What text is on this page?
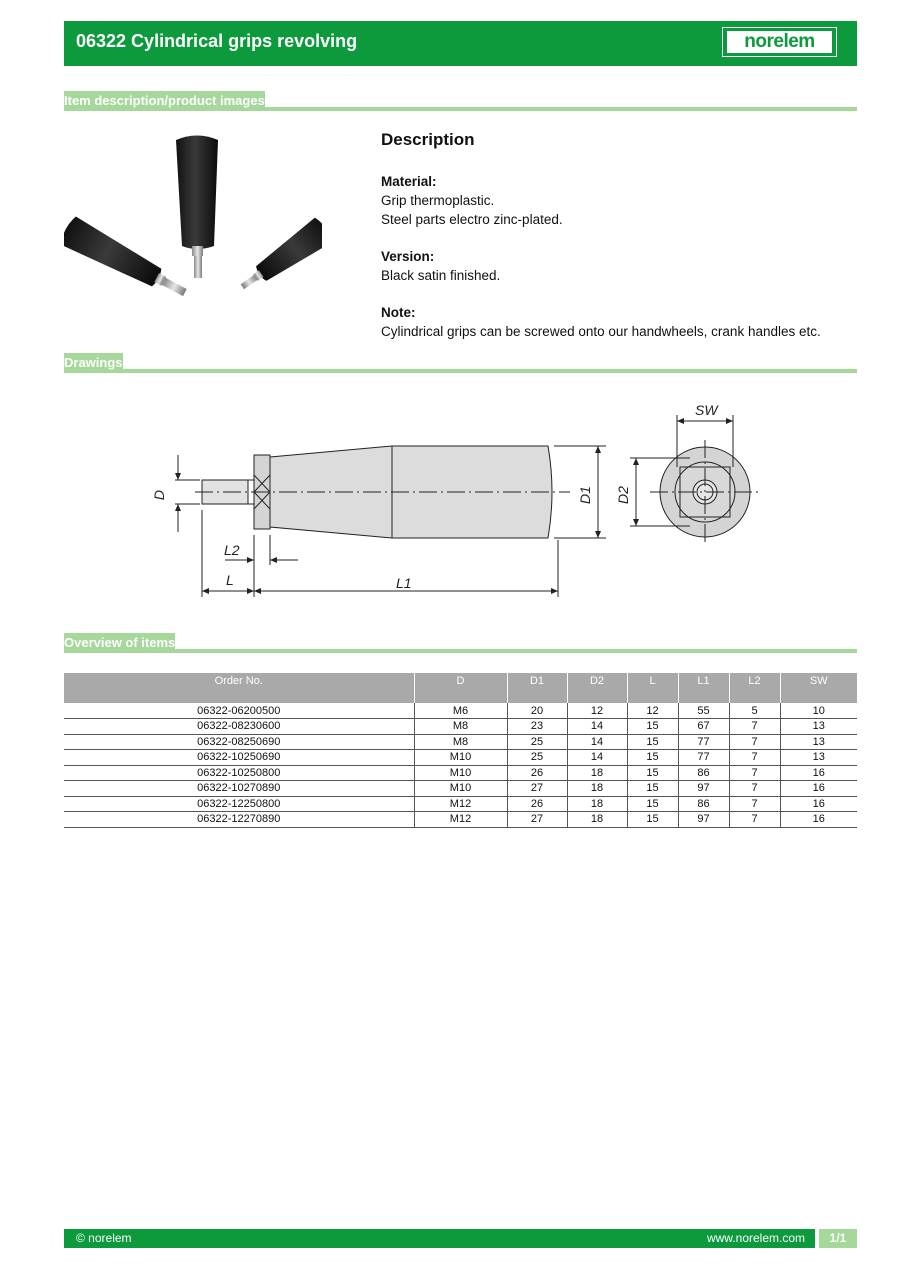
06322 Cylindrical grips revolving	norelem
Item description/product images
Description
Material:
Grip thermoplastic.
Steel parts electro zinc-plated.
Version:
Black satin finished.
Note:
Cylindrical grips can be screwed onto our handwheels, crank handles etc.
Drawings
D	D1 D2
L	L1
L2
SW
Overview of items
Order No.	D	D1	D2	L	L1	L2	SW
06322-06200500	M6	20	12	12	55	5	10
06322-08230600	M8	23	14	15	67	7	13
06322-08250690	M8	25	14	15	77	7	13
06322-10250690	M10	25	14	15	77	7	13
06322-10250800	M10	26	18	15	86	7	16
06322-10270890	M10	27	18	15	97	7	16
06322-12250800	M12	26	18	15	86	7	16
06322-12270890	M12	27	18	15	97	7	16
© norelem	www.norelem.com	1/1
